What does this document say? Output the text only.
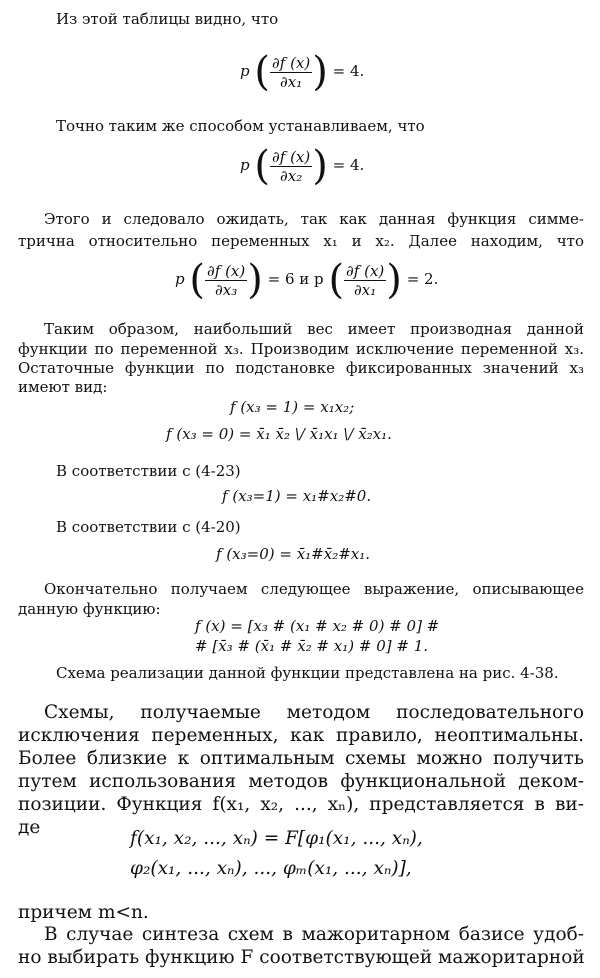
Из этой таблицы видно, что
p ( $\frac{\partial f (x)}{\text{∂x₁}}$ ) = 4.
Точно таким же способом устанавливаем, что
p ( $\frac{\partial f (x)}{\text{∂x₂}}$ ) = 4.
Этого и следовало ожидать, так как данная функция симме-
трична относительно переменных x₁ и x₂. Далее находим, что
p ( $\frac{\partial f (x)}{\text{∂x₃}}$ ) = 6 и p ( $\frac{\partial f (x)}{\text{∂x₁}}$ ) = 2.
Таким образом, наибольший вес имеет производная данной
функции по переменной x₃. Производим исключение переменной x₃.
Остаточные функции по подстановке фиксированных значений x₃
имеют вид:
f (x₃ = 1) = x₁x₂;
f (x₃ = 0) = x̄₁ x̄₂ \/ x̄₁x₁ \/ x̄₂x₁.
В соответствии с (4-23)
f (x₃=1) = x₁#x₂#0.
В соответствии с (4-20)
f (x₃=0) = x̄₁#x̄₂#x₁.
Окончательно получаем следующее выражение, описывающее
данную функцию:
f (x) = [x₃ # (x₁ # x₂ # 0) # 0] #
# [x̄₃ # (x̄₁ # x̄₂ # x₁) # 0] # 1.
Схема реализации данной функции представлена на рис. 4-38.
Схемы, получаемые методом последовательного
исключения переменных, как правило, неоптимальны.
Более близкие к оптимальным схемы можно получить
путем использования методов функциональной деком-
позиции. Функция f(x₁, x₂, ..., xₙ), представляется в ви-
де
f(x₁, x₂, ..., xₙ) = F[φ₁(x₁, ..., xₙ),
φ₂(x₁, ..., xₙ), ..., φₘ(x₁, ..., xₙ)],
причем m<n.
В случае синтеза схем в мажоритарном базисе удоб-
но выбирать функцию F соответствующей мажоритарной
